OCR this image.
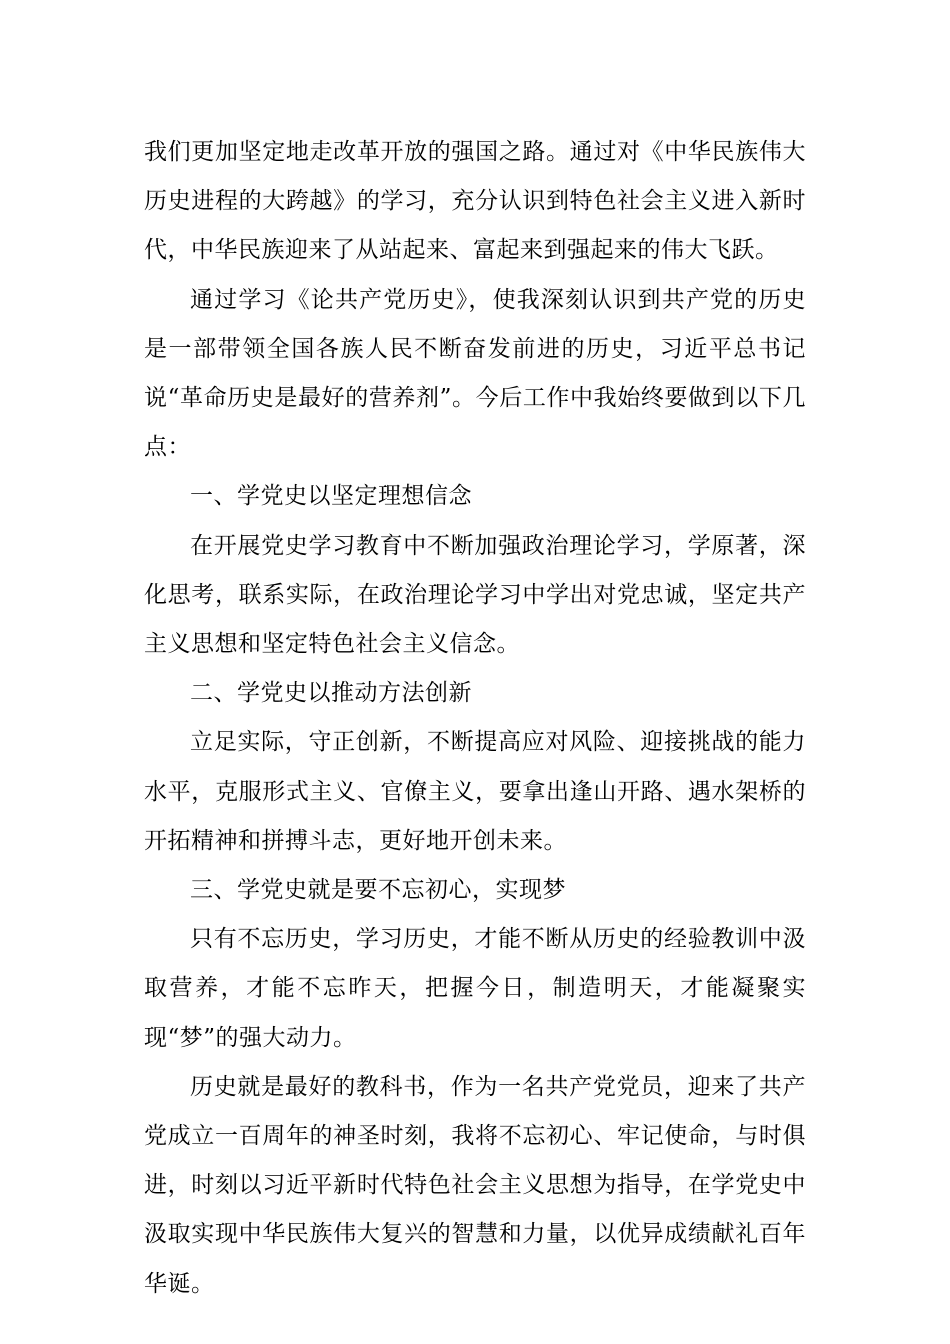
我们更加坚定地走改革开放的强国之路。通过对《中华民族伟大历史进程的大跨越》的学习，充分认识到特色社会主义进入新时代，中华民族迎来了从站起来、富起来到强起来的伟大飞跃。

通过学习《论共产党历史》，使我深刻认识到共产党的历史是一部带领全国各族人民不断奋发前进的历史，习近平总书记说“革命历史是最好的营养剂”。今后工作中我始终要做到以下几点：

一、学党史以坚定理想信念

在开展党史学习教育中不断加强政治理论学习，学原著，深化思考，联系实际，在政治理论学习中学出对党忠诚，坚定共产主义思想和坚定特色社会主义信念。

二、学党史以推动方法创新

立足实际，守正创新，不断提高应对风险、迎接挑战的能力水平，克服形式主义、官僚主义，要拿出逢山开路、遇水架桥的开拓精神和拼搏斗志，更好地开创未来。

三、学党史就是要不忘初心，实现梦

只有不忘历史，学习历史，才能不断从历史的经验教训中汲取营养，才能不忘昨天，把握今日，制造明天，才能凝聚实现“梦”的强大动力。

历史就是最好的教科书，作为一名共产党党员，迎来了共产党成立一百周年的神圣时刻，我将不忘初心、牢记使命，与时俱进，时刻以习近平新时代特色社会主义思想为指导，在学党史中汲取实现中华民族伟大复兴的智慧和力量，以优异成绩献礼百年华诞。
